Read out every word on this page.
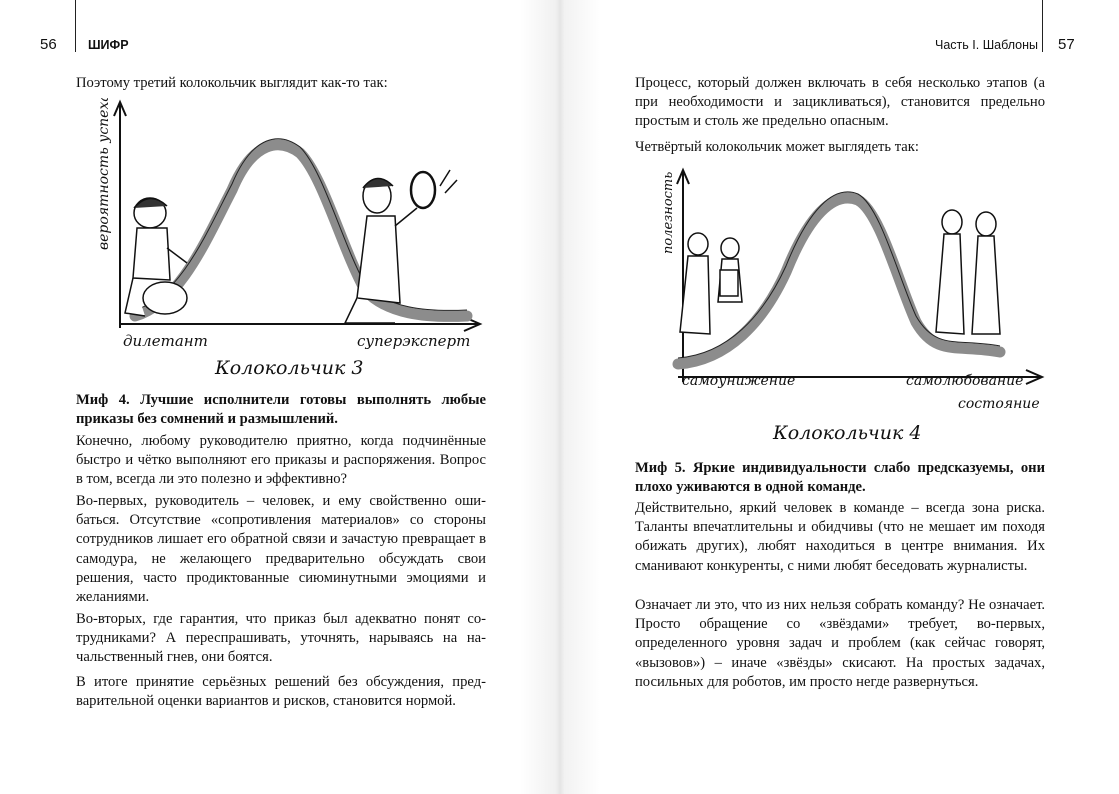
56	ШИФР

Поэтому третий колокольчик выглядит как-то так:

дилетант	суперэксперт
вероятность успеха
Колокольчик 3

Миф 4. Лучшие исполнители готовы выполнять любые приказы без сомнений и размышлений.

Конечно, любому руководителю приятно, когда подчинённые быстро и чётко выполняют его приказы и распоряжения. Вопрос в том, всегда ли это полезно и эффективно?

Во-первых, руководитель – человек, и ему свойственно ошибаться. Отсутствие «сопротивления материалов» со стороны сотрудников лишает его обратной связи и зачастую превращает в самодура, не желающего предварительно обсуждать свои решения, часто продиктованные сиюминутными эмоциями и желаниями.

Во-вторых, где гарантия, что приказ был адекватно понят сотрудниками? А переспрашивать, уточнять, нарываясь на начальственный гнев, они боятся.

В итоге принятие серьёзных решений без обсуждения, предварительной оценки вариантов и рисков, становится нормой.

Часть I. Шаблоны 57

Процесс, который должен включать в себя несколько этапов (а при необходимости и зацикливаться), становится предельно простым и столь же предельно опасным.

Четвёртый колокольчик может выглядеть так:

полезность
самоунижение	самолюбование
состояние
Колокольчик 4

Миф 5. Яркие индивидуальности слабо предсказуемы, они плохо уживаются в одной команде.

Действительно, яркий человек в команде – всегда зона риска. Таланты впечатлительны и обидчивы (что не мешает им походя обижать других), любят находиться в центре внимания. Их сманивают конкуренты, с ними любят беседовать журналисты.

Означает ли это, что из них нельзя собрать команду? Не означает. Просто обращение со «звёздами» требует, во-первых, определенного уровня задач и проблем (как сейчас говорят, «вызовов») – иначе «звёзды» скисают. На простых задачах, посильных для роботов, им просто негде развернуться.
